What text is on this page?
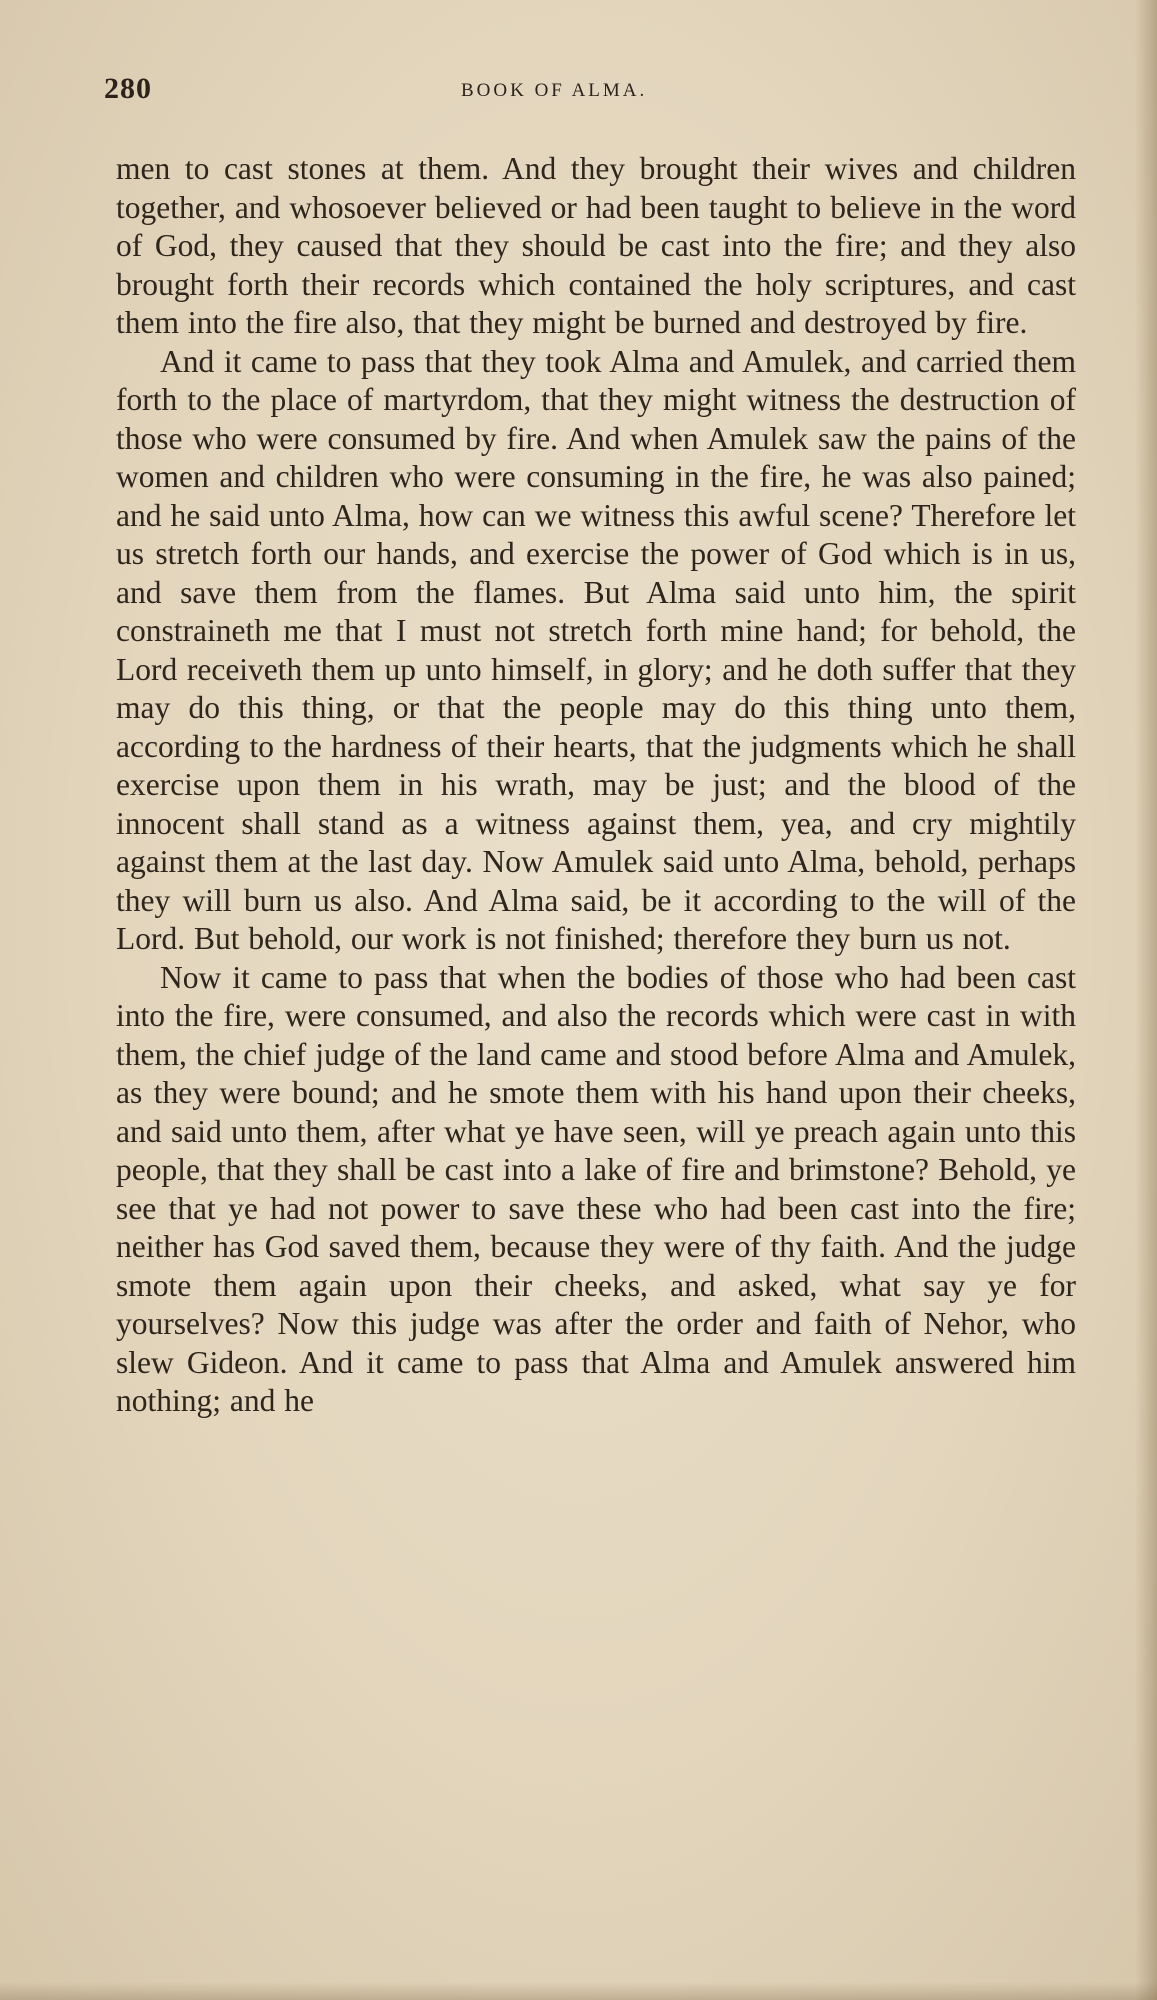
280	BOOK OF ALMA.

men to cast stones at them. And they brought their wives and children together, and whosoever believed or had been taught to believe in the word of God, they caused that they should be cast into the fire; and they also brought forth their records which contained the holy scriptures, and cast them into the fire also, that they might be burned and destroyed by fire.

And it came to pass that they took Alma and Amulek, and carried them forth to the place of martyrdom, that they might witness the destruction of those who were consumed by fire. And when Amulek saw the pains of the women and children who were consuming in the fire, he was also pained; and he said unto Alma, how can we witness this awful scene? Therefore let us stretch forth our hands, and exercise the power of God which is in us, and save them from the flames. But Alma said unto him, the spirit constraineth me that I must not stretch forth mine hand; for behold, the Lord receiveth them up unto himself, in glory; and he doth suffer that they may do this thing, or that the people may do this thing unto them, according to the hardness of their hearts, that the judgments which he shall exercise upon them in his wrath, may be just; and the blood of the innocent shall stand as a witness against them, yea, and cry mightily against them at the last day. Now Amulek said unto Alma, behold, perhaps they will burn us also. And Alma said, be it according to the will of the Lord. But behold, our work is not finished; therefore they burn us not.

Now it came to pass that when the bodies of those who had been cast into the fire, were consumed, and also the records which were cast in with them, the chief judge of the land came and stood before Alma and Amulek, as they were bound; and he smote them with his hand upon their cheeks, and said unto them, after what ye have seen, will ye preach again unto this people, that they shall be cast into a lake of fire and brimstone? Behold, ye see that ye had not power to save these who had been cast into the fire; neither has God saved them, because they were of thy faith. And the judge smote them again upon their cheeks, and asked, what say ye for yourselves? Now this judge was after the order and faith of Nehor, who slew Gideon. And it came to pass that Alma and Amulek answered him nothing; and he
